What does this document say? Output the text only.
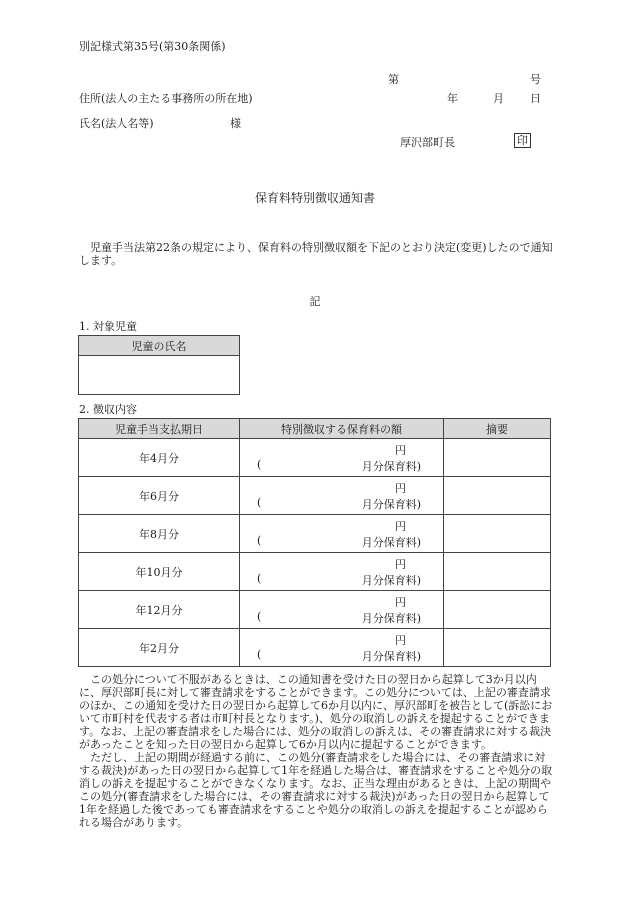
別記様式第35号(第30条関係)
第	号
住所(法人の主たる事務所の所在地)	年	月 日
氏名(法人名等)	様
厚沢部町長	印
保育料特別徴収通知書

児童手当法第22条の規定により、保育料の特別徴収額を下記のとおり決定(変更)したので通知します。

記
1. 対象児童
児童の氏名

2. 徴収内容
児童手当支払期日	特別徴収する保育料の額	摘要
年4月分	円
( 月分保育料)	

年6月分	円
( 月分保育料)	

年8月分	円
( 月分保育料)	

年10月分	円
( 月分保育料)	

年12月分	円
( 月分保育料)	

年2月分	円
( 月分保育料)	

この処分について不服があるときは、この通知書を受けた日の翌日から起算して3か月以内に、厚沢部町長に対して審査請求をすることができます。この処分については、上記の審査請求のほか、この通知を受けた日の翌日から起算して6か月以内に、厚沢部町を被告として(訴訟において市町村を代表する者は市町村長となります。)、処分の取消しの訴えを提起することができます。なお、上記の審査請求をした場合には、処分の取消しの訴えは、その審査請求に対する裁決があったことを知った日の翌日から起算して6か月以内に提起することができます。

ただし、上記の期間が経過する前に、この処分(審査請求をした場合には、その審査請求に対する裁決)があった日の翌日から起算して1年を経過した場合は、審査請求をすることや処分の取消しの訴えを提起することができなくなります。なお、正当な理由があるときは、上記の期間やこの処分(審査請求をした場合には、その審査請求に対する裁決)があった日の翌日から起算して1年を経過した後であっても審査請求をすることや処分の取消しの訴えを提起することが認められる場合があります。
